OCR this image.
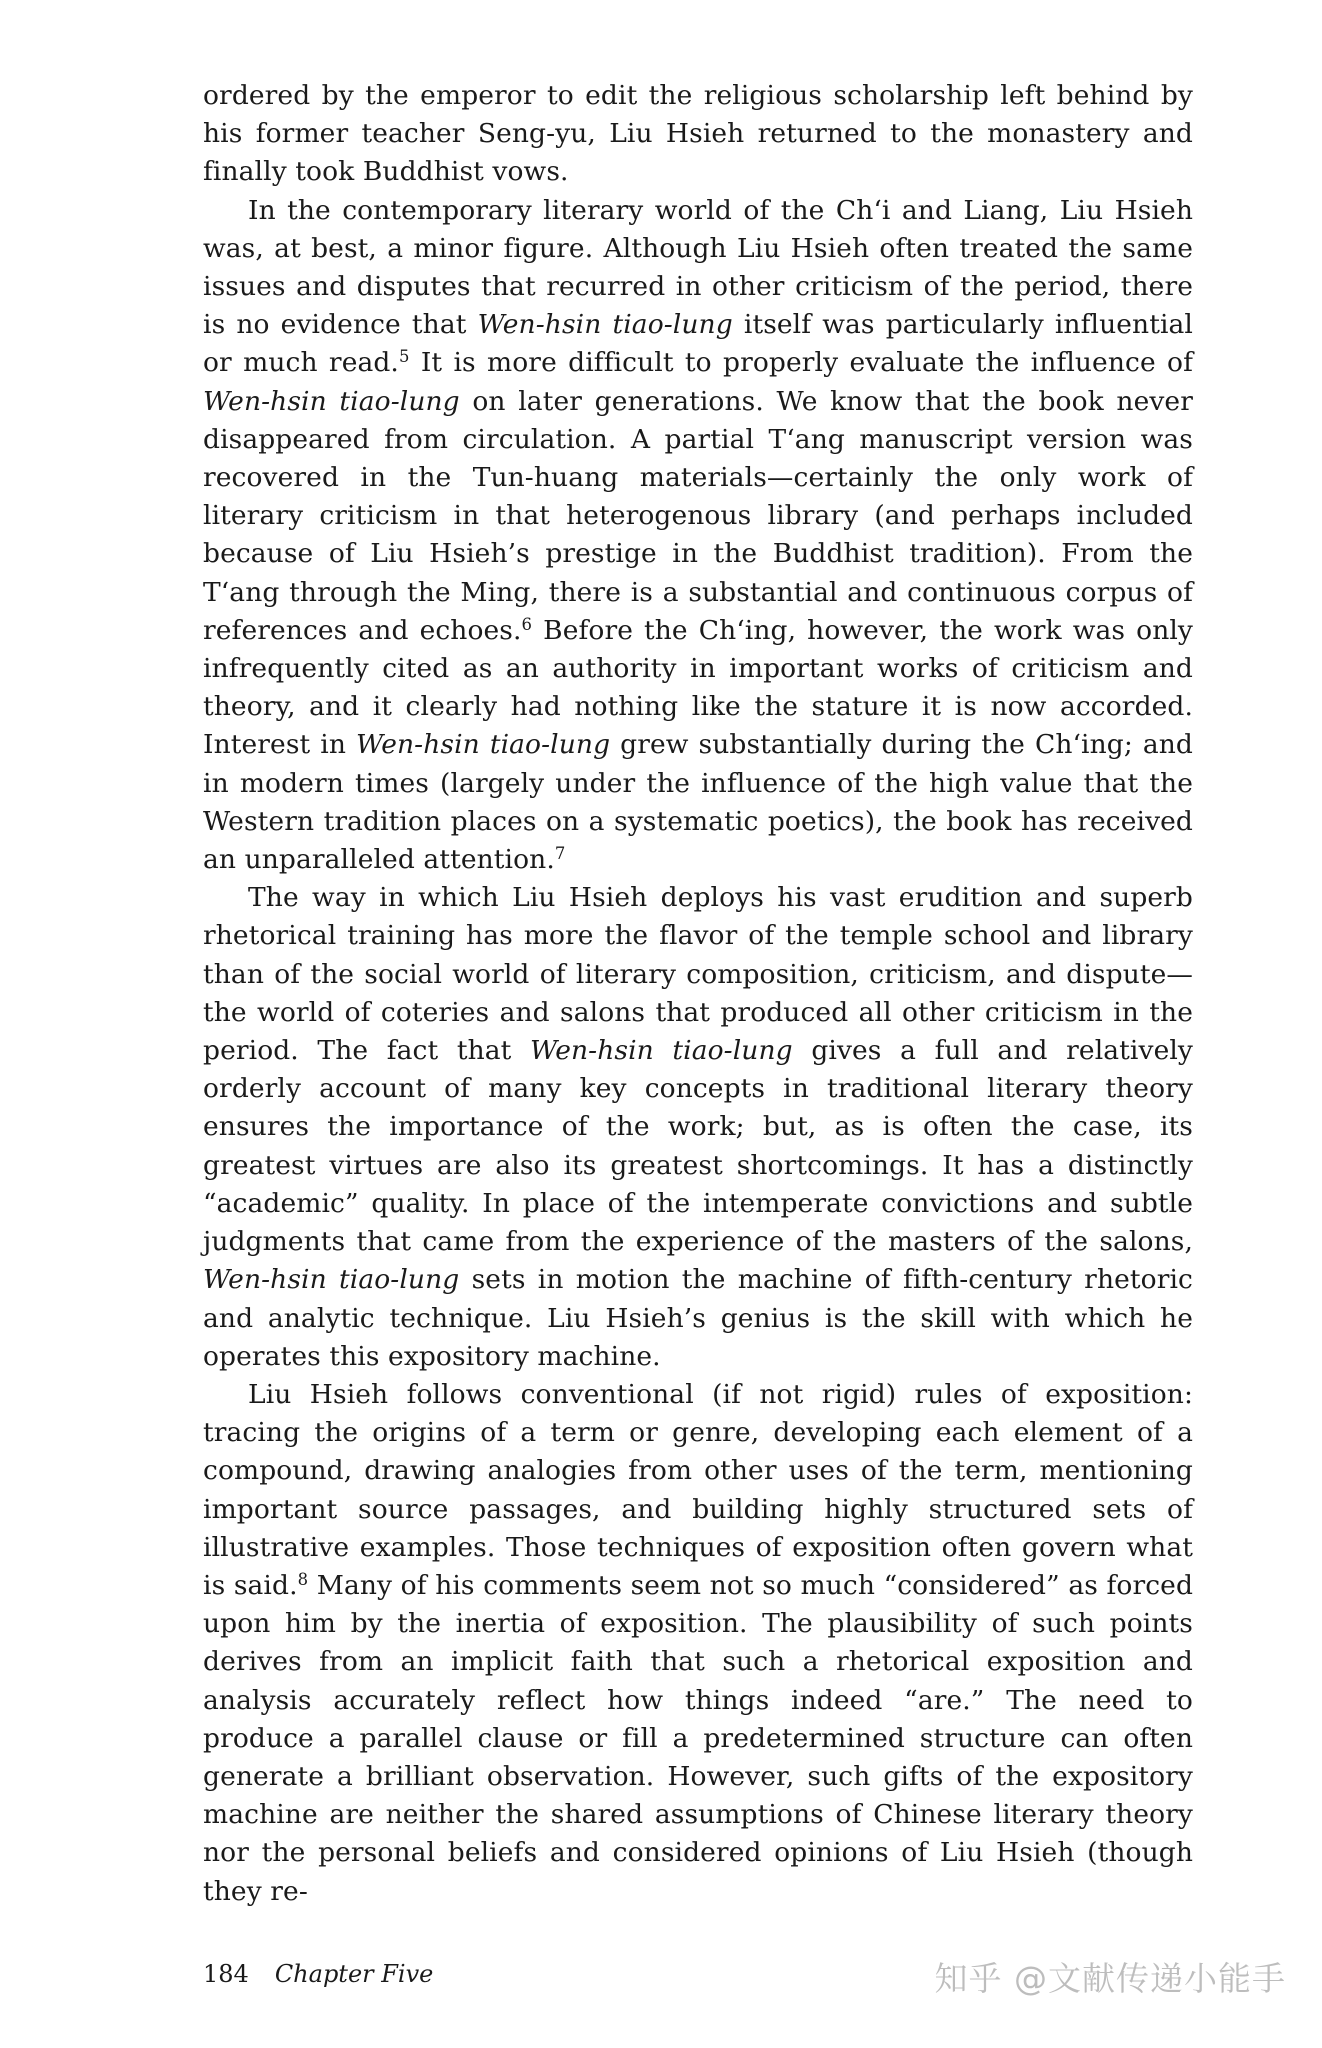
ordered by the emperor to edit the religious scholarship left behind by his former teacher Seng-yu, Liu Hsieh returned to the monastery and finally took Buddhist vows.

In the contemporary literary world of the Ch‘i and Liang, Liu Hsieh was, at best, a minor figure. Although Liu Hsieh often treated the same issues and disputes that recurred in other criticism of the period, there is no evidence that Wen-hsin tiao-lung itself was particularly influential or much read.$^5$ It is more difficult to properly evaluate the influence of Wen-hsin tiao-lung on later generations. We know that the book never disappeared from circulation. A partial T‘ang manuscript version was recovered in the Tun-huang materials—certainly the only work of literary criticism in that heterogenous library (and perhaps included because of Liu Hsieh’s prestige in the Buddhist tradition). From the T‘ang through the Ming, there is a substantial and continuous corpus of references and echoes.$^6$ Before the Ch‘ing, however, the work was only infrequently cited as an authority in important works of criticism and theory, and it clearly had nothing like the stature it is now accorded. Interest in Wen-hsin tiao-lung grew substantially during the Ch‘ing; and in modern times (largely under the influence of the high value that the Western tradition places on a systematic poetics), the book has received an unparalleled attention.$^7$

The way in which Liu Hsieh deploys his vast erudition and superb rhetorical training has more the flavor of the temple school and library than of the social world of literary composition, criticism, and dispute—the world of coteries and salons that produced all other criticism in the period. The fact that Wen-hsin tiao-lung gives a full and relatively orderly account of many key concepts in traditional literary theory ensures the importance of the work; but, as is often the case, its greatest virtues are also its greatest shortcomings. It has a distinctly “academic” quality. In place of the intemperate convictions and subtle judgments that came from the experience of the masters of the salons, Wen-hsin tiao-lung sets in motion the machine of fifth-century rhetoric and analytic technique. Liu Hsieh’s genius is the skill with which he operates this expository machine.

Liu Hsieh follows conventional (if not rigid) rules of exposition: tracing the origins of a term or genre, developing each element of a compound, drawing analogies from other uses of the term, mentioning important source passages, and building highly structured sets of illustrative examples. Those techniques of exposition often govern what is said.$^8$ Many of his comments seem not so much “considered” as forced upon him by the inertia of exposition. The plausibility of such points derives from an implicit faith that such a rhetorical exposition and analysis accurately reflect how things indeed “are.” The need to produce a parallel clause or fill a predetermined structure can often generate a brilliant observation. However, such gifts of the expository machine are neither the shared assumptions of Chinese literary theory nor the personal beliefs and considered opinions of Liu Hsieh (though they re-

184 Chapter Five	知乎 @文献传递小能手
